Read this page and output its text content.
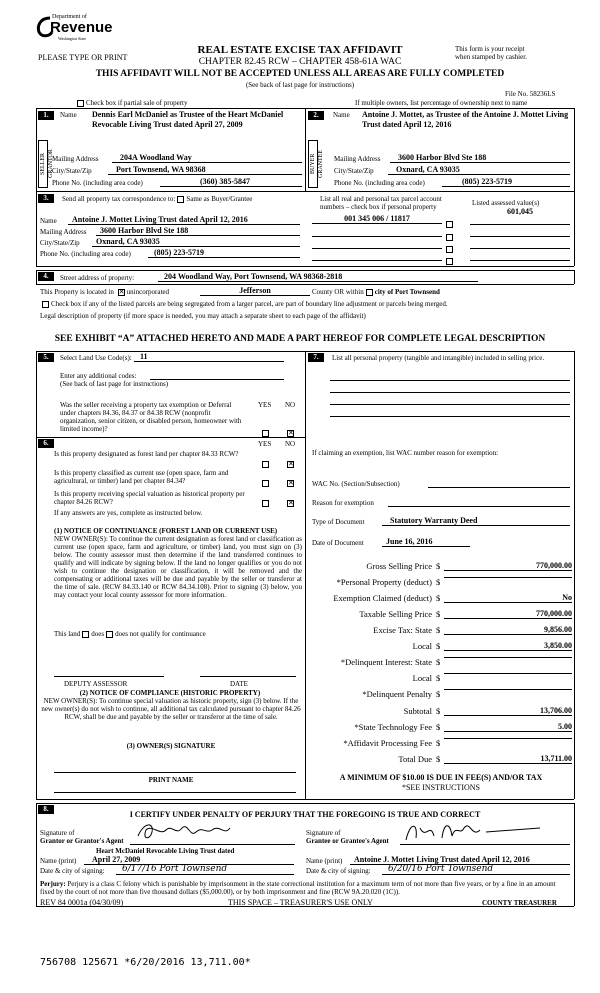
Department of
Revenue
Washington State
PLEASE TYPE OR PRINT
REAL ESTATE EXCISE TAX AFFIDAVIT
CHAPTER 82.45 RCW – CHAPTER 458-61A WAC
This form is your receipt
when stamped by cashier.
THIS AFFIDAVIT WILL NOT BE ACCEPTED UNLESS ALL AREAS ARE FULLY COMPLETED
(See back of last page for instructions)
File No. 58236LS
Check box if partial sale of property	If multiple owners, list percentage of ownership next to name
1.
SELLER GRANTOR
Name Dennis Earl McDaniel as Trustee of the Heart McDaniel Revocable Living Trust dated April 27, 2009
Mailing Address	204A Woodland Way
City/State/Zip	Port Townsend, WA 98368
Phone No. (including area code)	(360) 385-5847
2.
BUYER GRANTEE
Name Antoine J. Mottet, as Trustee of the Antoine J. Mottet Living Trust dated April 12, 2016
Mailing Address	3600 Harbor Blvd Ste 188
City/State/Zip	Oxnard, CA 93035
Phone No. (including area code)	(805) 223-5719
3.	Send all property tax correspondence to: Same as Buyer/Grantee	List all real and personal tax parcel account
numbers – check box if personal property	Listed assessed value(s)
Name	Antoine J. Mottet Living Trust dated April 12, 2016
Mailing Address	3600 Harbor Blvd Ste 188
City/State/Zip	Oxnard, CA 93035
Phone No. (including area code)	(805) 223-5719
001 345 006 / 11817
601,045
4.	Street address of property:	204 Woodland Way, Port Townsend, WA 98368-2818
This Property is located in ✕ unincorporated	Jefferson	County OR within city of Port Townsend
Check box if any of the listed parcels are being segregated from a larger parcel, are part of boundary line adjustment or parcels being merged.
Legal description of property (if more space is needed, you may attach a separate sheet to each page of the affidavit)
SEE EXHIBIT “A” ATTACHED HERETO AND MADE A PART HEREOF FOR COMPLETE LEGAL DESCRIPTION
5.	Select Land Use Code(s):	11
Enter any additional codes:
(See back of last page for instructions)
Was the seller receiving a property tax exemption or Deferral under chapters 84.36, 84.37 or 84.38 RCW (nonprofit organization, senior citizen, or disabled person, homeowner with limited income)?
YES NO
✕
6.	YES NO
Is this property designated as forest land per chapter 84.33 RCW?
✕
Is this property classified as current use (open space, farm and agricultural, or timber) land per chapter 84.34?	✕
Is this property receiving special valuation as historical property per chapter 84.26 RCW?	✕
If any answers are yes, complete as instructed below.
(1) NOTICE OF CONTINUANCE (FOREST LAND OR CURRENT USE)
NEW OWNER(S): To continue the current designation as forest land or classification as current use (open space, farm and agriculture, or timber) land, you must sign on (3) below. The county assessor must then determine if the land transferred continues to qualify and will indicate by signing below. If the land no longer qualifies or you do not wish to continue the designation or classification, it will be removed and the compensating or additional taxes will be due and payable by the seller or transferor at the time of sale. (RCW 84.33.140 or RCW 84.34.108). Prior to signing (3) below, you may contact your local county assessor for more information.
This land does does not qualify for continuance
DEPUTY ASSESSOR	DATE
(2) NOTICE OF COMPLIANCE (HISTORIC PROPERTY)
NEW OWNER(S): To continue special valuation as historic property, sign (3) below. If the new owner(s) do not wish to continue, all additional tax calculated pursuant to chapter 84.26 RCW, shall be due and payable by the seller or transferor at the time of sale.
(3) OWNER(S) SIGNATURE
PRINT NAME
7.	List all personal property (tangible and intangible) included in selling price.
If claiming an exemption, list WAC number reason for exemption:
WAC No. (Section/Subsection)
Reason for exemption
Type of Document	Statutory Warranty Deed
Date of Document	June 16, 2016
Gross Selling Price $	770,000.00
*Personal Property (deduct) $
Exemption Claimed (deduct) $	No
Taxable Selling Price $	770,000.00
Excise Tax: State $	9,856.00
Local $	3,850.00
*Delinquent Interest: State $
Local $
*Delinquent Penalty $
Subtotal $	13,706.00
*State Technology Fee $	5.00
*Affidavit Processing Fee $
Total Due $	13,711.00
A MINIMUM OF $10.00 IS DUE IN FEE(S) AND/OR TAX
*SEE INSTRUCTIONS
8.
I CERTIFY UNDER PENALTY OF PERJURY THAT THE FOREGOING IS TRUE AND CORRECT
Signature of
Grantor or Grantor's Agent
Heart McDaniel Revocable Living Trust dated
Name (print)	April 27, 2009
Date & city of signing:	6/17/16 Port Townsend
Signature of
Grantee or Grantee's Agent
Name (print)	Antoine J. Mottet Living Trust dated April 12, 2016
Date & city of signing:	6/20/16 Port Townsend
Perjury: Perjury is a class C felony which is punishable by imprisonment in the state correctional institution for a maximum term of not more than five years, or by a fine in an amount fixed by the court of not more than five thousand dollars ($5,000.00), or by both imprisonment and fine (RCW 9A.20.020 (1C)).
REV 84 0001a (04/30/09)	THIS SPACE – TREASURER'S USE ONLY	COUNTY TREASURER
756708 125671 *6/20/2016 13,711.00*
